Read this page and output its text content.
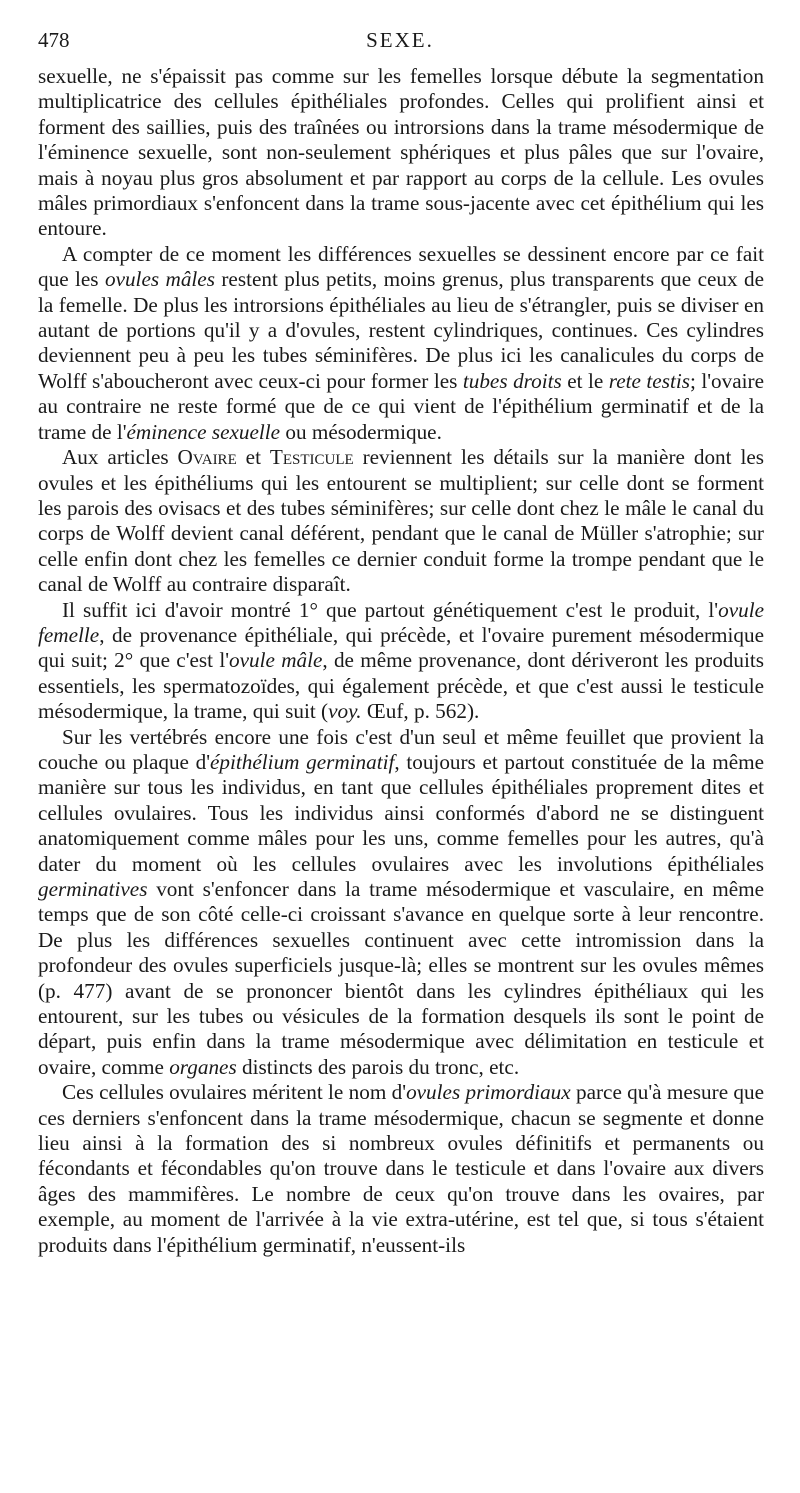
478	SEXE.

sexuelle, ne s'épaissit pas comme sur les femelles lorsque débute la segmentation multiplicatrice des cellules épithéliales profondes. Celles qui prolifient ainsi et forment des saillies, puis des traînées ou introrsions dans la trame mésodermique de l'éminence sexuelle, sont non-seulement sphériques et plus pâles que sur l'ovaire, mais à noyau plus gros absolument et par rapport au corps de la cellule. Les ovules mâles primordiaux s'enfoncent dans la trame sous-jacente avec cet épithélium qui les entoure.

A compter de ce moment les différences sexuelles se dessinent encore par ce fait que les ovules mâles restent plus petits, moins grenus, plus transparents que ceux de la femelle. De plus les introrsions épithéliales au lieu de s'étrangler, puis se diviser en autant de portions qu'il y a d'ovules, restent cylindriques, continues. Ces cylindres deviennent peu à peu les tubes séminifères. De plus ici les canalicules du corps de Wolff s'aboucheront avec ceux-ci pour former les tubes droits et le rete testis; l'ovaire au contraire ne reste formé que de ce qui vient de l'épithélium germinatif et de la trame de l'éminence sexuelle ou mésodermique.

Aux articles Ovaire et Testicule reviennent les détails sur la manière dont les ovules et les épithéliums qui les entourent se multiplient; sur celle dont se forment les parois des ovisacs et des tubes séminifères; sur celle dont chez le mâle le canal du corps de Wolff devient canal déférent, pendant que le canal de Müller s'atrophie; sur celle enfin dont chez les femelles ce dernier conduit forme la trompe pendant que le canal de Wolff au contraire disparaît.

Il suffit ici d'avoir montré 1° que partout génétiquement c'est le produit, l'ovule femelle, de provenance épithéliale, qui précède, et l'ovaire purement mésodermique qui suit; 2° que c'est l'ovule mâle, de même provenance, dont dériveront les produits essentiels, les spermatozoïdes, qui également précède, et que c'est aussi le testicule mésodermique, la trame, qui suit (voy. Œuf, p. 562).

Sur les vertébrés encore une fois c'est d'un seul et même feuillet que provient la couche ou plaque d'épithélium germinatif, toujours et partout constituée de la même manière sur tous les individus, en tant que cellules épithéliales proprement dites et cellules ovulaires. Tous les individus ainsi conformés d'abord ne se distinguent anatomiquement comme mâles pour les uns, comme femelles pour les autres, qu'à dater du moment où les cellules ovulaires avec les involutions épithéliales germinatives vont s'enfoncer dans la trame mésodermique et vasculaire, en même temps que de son côté celle-ci croissant s'avance en quelque sorte à leur rencontre. De plus les différences sexuelles continuent avec cette intromission dans la profondeur des ovules superficiels jusque-là; elles se montrent sur les ovules mêmes (p. 477) avant de se prononcer bientôt dans les cylindres épithéliaux qui les entourent, sur les tubes ou vésicules de la formation desquels ils sont le point de départ, puis enfin dans la trame mésodermique avec délimitation en testicule et ovaire, comme organes distincts des parois du tronc, etc.

Ces cellules ovulaires méritent le nom d'ovules primordiaux parce qu'à mesure que ces derniers s'enfoncent dans la trame mésodermique, chacun se segmente et donne lieu ainsi à la formation des si nombreux ovules définitifs et permanents ou fécondants et fécondables qu'on trouve dans le testicule et dans l'ovaire aux divers âges des mammifères. Le nombre de ceux qu'on trouve dans les ovaires, par exemple, au moment de l'arrivée à la vie extra-utérine, est tel que, si tous s'étaient produits dans l'épithélium germinatif, n'eussent-ils
